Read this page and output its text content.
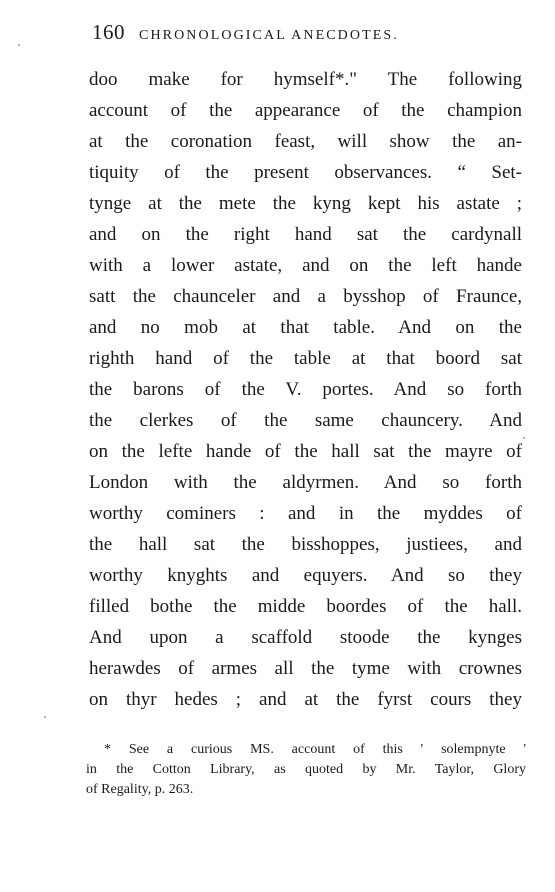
160 CHRONOLOGICAL ANECDOTES.
doo make for hymself*." The following
account of the appearance of the champion
at the coronation feast, will show the an-
tiquity of the present observances. “ Set-
tynge at the mete the kyng kept his astate ;
and on the right hand sat the cardynall
with a lower astate, and on the left hande
satt the chaunceler and a bysshop of Fraunce,
and no mob at that table. And on the
righth hand of the table at that boord sat
the barons of the V. portes. And so forth
the clerkes of the same chauncery. And
on the lefte hande of the hall sat the mayre of
London with the aldyrmen. And so forth
worthy cominers : and in the myddes of
the hall sat the bisshoppes, justiees, and
worthy knyghts and equyers. And so they
filled bothe the midde boordes of the hall.
And upon a scaffold stoode the kynges
herawdes of armes all the tyme with crownes
on thyr hedes ; and at the fyrst cours they
* See a curious MS. account of this ' solempnyte '
in the Cotton Library, as quoted by Mr. Taylor, Glory
of Regality, p. 263.
